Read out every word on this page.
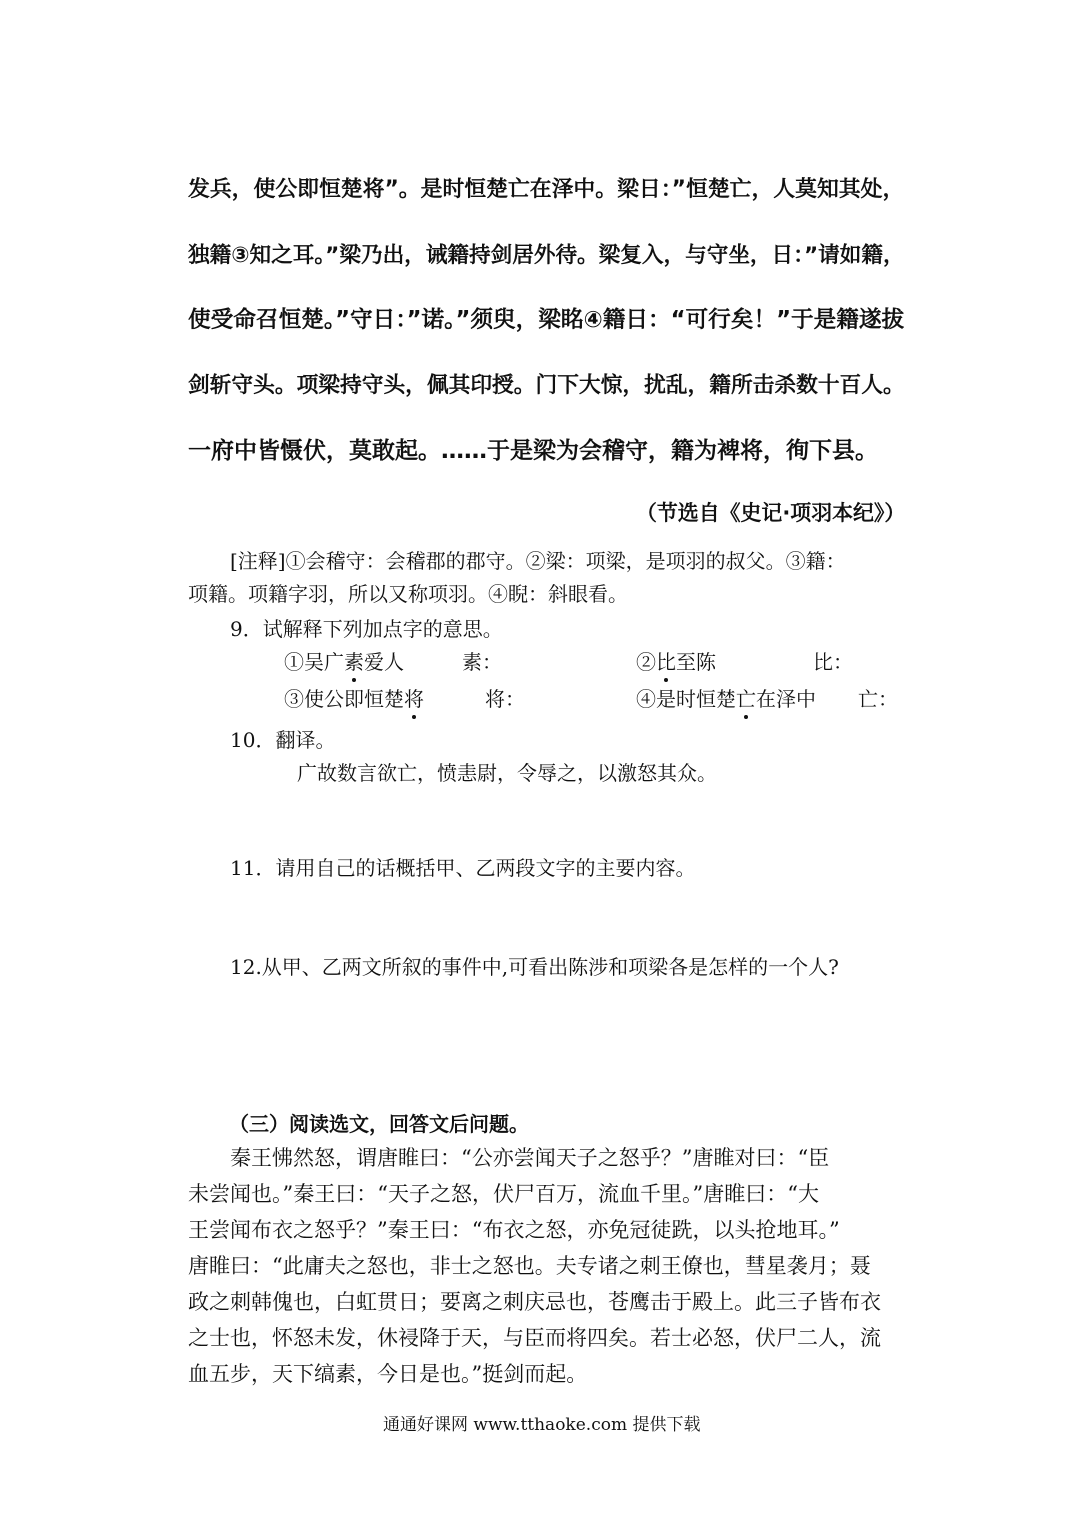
发兵，使公即恒楚将”。是时恒楚亡在泽中。梁日：”恒楚亡，人莫知其处，
独籍③知之耳。”梁乃出，诫籍持剑居外待。梁复入，与守坐，日：”请如籍，
使受命召恒楚。”守日：”诺。”须臾，梁眳④籍日：“可行矣！”于是籍遂拔
剑斩守头。项梁持守头，佩其印授。门下大惊，扰乱，籍所击杀数十百人。
一府中皆慑伏，莫敢起。……于是梁为会稽守，籍为裨将，徇下县。
（节选自《史记·项羽本纪》）
[注释]①会稽守：会稽郡的郡守。②梁：项梁，是项羽的叔父。③籍：
项籍。项籍字羽，所以又称项羽。④睨：斜眼看。
9．试解释下列加点字的意思。
①吴广素爱人	素：	②比至陈	比：
③使公即恒楚将	将：	④是时恒楚亡在泽中 亡：
10．翻译。
广故数言欲亡，愤恚尉，令辱之，以激怒其众。
11．请用自己的话概括甲、乙两段文字的主要内容。
12.从甲、乙两文所叙的事件中,可看出陈涉和项梁各是怎样的一个人?
（三）阅读选文，回答文后问题。
　　秦王怫然怒，谓唐睢曰：“公亦尝闻天子之怒乎？”唐睢对曰：“臣
未尝闻也。”秦王曰：“天子之怒，伏尸百万，流血千里。”唐睢曰：“大
王尝闻布衣之怒乎？”秦王曰：“布衣之怒，亦免冠徒跣，以头抢地耳。”
唐睢曰：“此庸夫之怒也，非士之怒也。夫专诸之刺王僚也，彗星袭月；聂
政之刺韩傀也，白虹贯日；要离之刺庆忌也，苍鹰击于殿上。此三子皆布衣
之士也，怀怒未发，休祲降于天，与臣而将四矣。若士必怒，伏尸二人，流
血五步，天下缟素，今日是也。”挺剑而起。
通通好课网 www.tthaoke.com 提供下载
